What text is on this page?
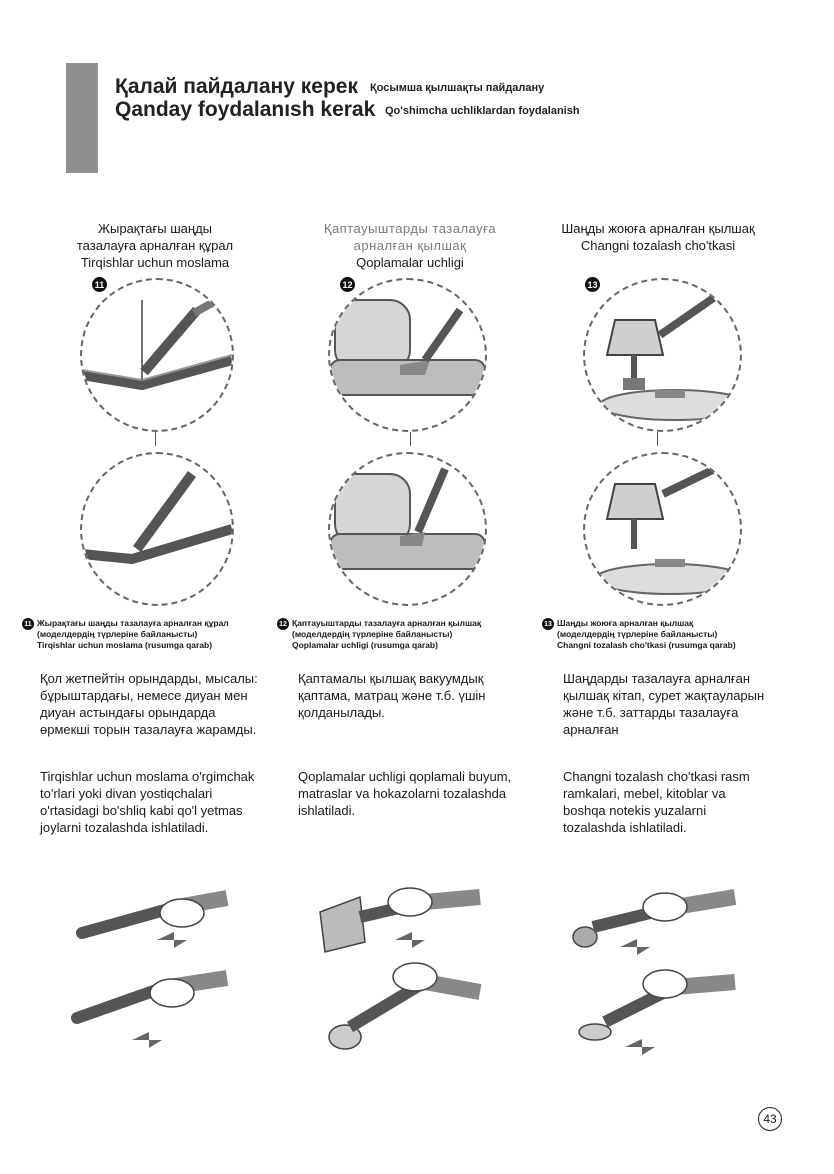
Қалай пайдалану керек Қосымша қылшақты пайдалану
Qanday foydalanısh kerak Qo'shimcha uchliklardan foydalanish
Жырақтағы шаңды
тазалауға арналған құрал
Tirqishlar uchun moslama
Қаптауыштарды тазалауға
арналған қылшақ
Qoplamalar uchligi
Шаңды жоюға арналған қылшақ
Changni tozalash cho'tkasi
11	12	13
11 Жырақтағы шаңды тазалауға арналған құрал
(моделдердің түрлеріне байланысты)
Tirqishlar uchun moslama (rusumga qarab)
12 Қаптауыштарды тазалауға арналған қылшақ
(моделдердің түрлеріне байланысты)
Qoplamalar uchligi (rusumga qarab)
13 Шаңды жоюға арналған қылшақ
(моделдердің түрлеріне байланысты)
Changni tozalash cho'tkasi (rusumga qarab)
Қол жетпейтін орындарды, мысалы:
бұрыштардағы, немесе диуан мен
диуан астындағы орындарда
өрмекші торын тазалауға жарамды.
Қаптамалы қылшақ вакуумдық
қаптама, матрац және т.б. үшін
қолданылады.
Шаңдарды тазалауға арналған
қылшақ кітап, сурет жақтауларын
және т.б. заттарды тазалауға
арналған
Tirqishlar uchun moslama o'rgimchak
to'rlari yoki divan yostiqchalari
o'rtasidagi bo'shliq kabi qo'l yetmas
joylarni tozalashda ishlatiladi.
Qoplamalar uchligi qoplamali buyum,
matraslar va hokazolarni tozalashda
ishlatiladi.
Changni tozalash cho'tkasi rasm
ramkalari, mebel, kitoblar va
boshqa notekis yuzalarni
tozalashda ishlatiladi.
43
